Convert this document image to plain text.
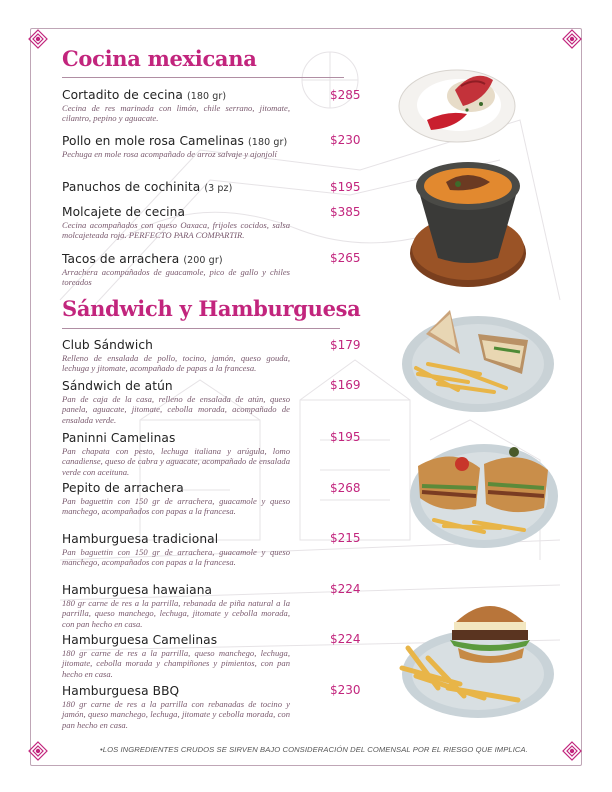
Cocina mexicana
Cortadito de cecina (180 gr)
Cecina de res marinada con limón, chile serrano, jitomate, cilantro, pepino y aguacate.
$285
Pollo en mole rosa Camelinas (180 gr)
Pechuga en mole rosa acompañado de arroz salvaje y ajonjolí
$230
Panuchos de cochinita (3 pz)	$195
Molcajete de cecina
Cecina acompañados con queso Oaxaca, frijoles cocidos, salsa molcajeteada roja. PERFECTO PARA COMPARTIR.
$385
Tacos de arrachera (200 gr)
Arrachera acompañados de guacamole, pico de gallo y chiles toreados
$265
Sándwich y Hamburguesa
Club Sándwich
Relleno de ensalada de pollo, tocino, jamón, queso gouda, lechuga y jitomate, acompañado de papas a la francesa.
$179
Sándwich de atún
Pan de caja de la casa, relleno de ensalada de atún, queso panela, aguacate, jitomate, cebolla morada, acompañado de ensalada verde.
$169
Paninni Camelinas
Pan chapata con pesto, lechuga italiana y arúgula, lomo canadiense, queso de cabra y aguacate, acompañado de ensalada verde con aceituna.
$195
Pepito de arrachera
Pan baguettin con 150 gr de arrachera, guacamole y queso manchego, acompañados con papas a la francesa.
$268
Hamburguesa tradicional
Pan baguettin con 150 gr de arrachera, guacamole y queso manchego, acompañados con papas a la francesa.
$215
Hamburguesa hawaiana
180 gr carne de res a la parrilla, rebanada de piña natural a la parrilla, queso manchego, lechuga, jitomate y cebolla morada, con pan hecho en casa.
$224
Hamburguesa Camelinas
180 gr carne de res a la parrilla, queso manchego, lechuga, jitomate, cebolla morada y champiñones y pimientos, con pan hecho en casa.
$224
Hamburguesa BBQ
180 gr carne de res a la parrilla con rebanadas de tocino y jamón, queso manchego, lechuga, jitomate y cebolla morada, con pan hecho en casa.
$230
•LOS INGREDIENTES CRUDOS SE SIRVEN BAJO CONSIDERACIÓN DEL COMENSAL POR EL RIESGO QUE IMPLICA.
